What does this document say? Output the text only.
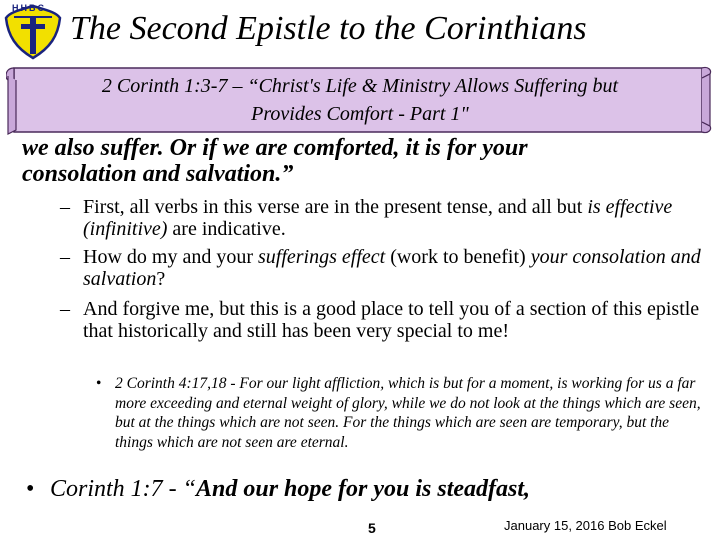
HHBC
The Second Epistle to the Corinthians
2 Corinth 1:3-7 – “Christ's Life & Ministry Allows Suffering but
Provides Comfort - Part 1"
we also suffer. Or if we are comforted, it is for your
consolation and salvation.”
– First, all verbs in this verse are in the present tense, and all but is effective (infinitive) are indicative.
– How do my and your sufferings effect (work to benefit) your consolation and salvation?
– And forgive me, but this is a good place to tell you of a section of this epistle that historically and still has been very special to me!
• 2 Corinth 4:17,18 - For our light affliction, which is but for a moment, is working for us a far more exceeding and eternal weight of glory, while we do not look at the things which are seen, but at the things which are not seen. For the things which are seen are temporary, but the things which are not seen are eternal.
• Corinth 1:7 - “And our hope for you is steadfast,
5	January 15, 2016 Bob Eckel
